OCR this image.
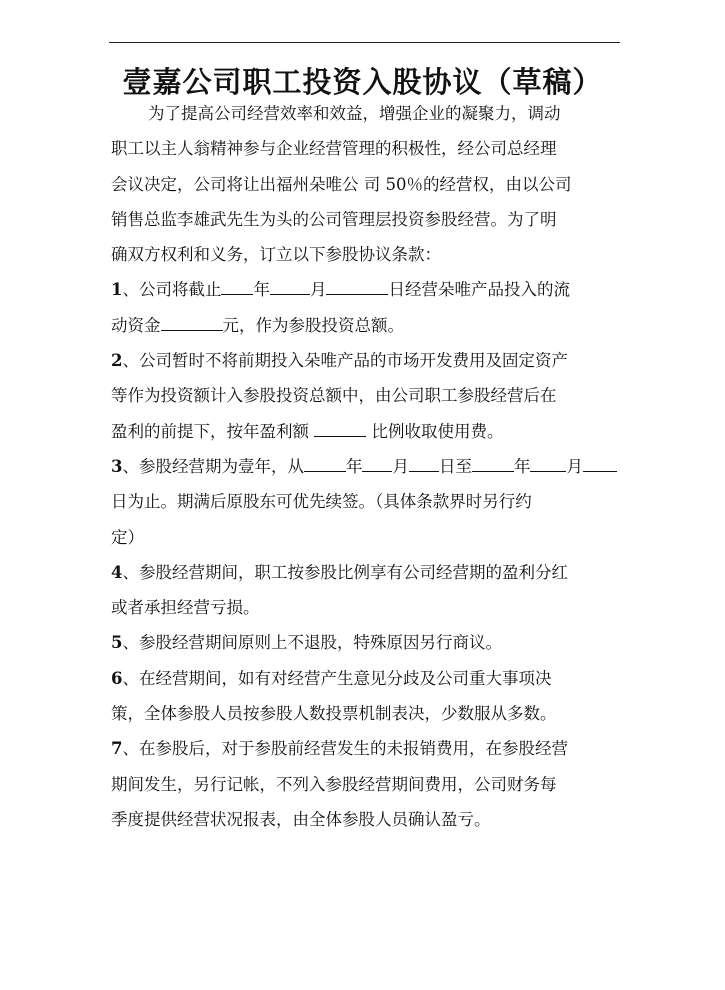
壹嘉公司职工投资入股协议（草稿）
为了提高公司经营效率和效益，增强企业的凝聚力，调动
职工以主人翁精神参与企业经营管理的积极性，经公司总经理
会议决定，公司将让出福州朵唯公 司 50％的经营权，由以公司
销售总监李雄武先生为头的公司管理层投资参股经营。为了明
确双方权利和义务，订立以下参股协议条款：
1、公司将截止 年 月	日经营朵唯产品投入的流
动资金	元，作为参股投资总额。
2、公司暂时不将前期投入朵唯产品的市场开发费用及固定资产
等作为投资额计入参股投资总额中，由公司职工参股经营后在
盈利的前提下，按年盈利额	比例收取使用费。
3、参股经营期为壹年，从	年 月 日至	年 月
日为止。期满后原股东可优先续签。（具体条款界时另行约
定）
4、参股经营期间，职工按参股比例享有公司经营期的盈利分红
或者承担经营亏损。
5、参股经营期间原则上不退股，特殊原因另行商议。
6、在经营期间，如有对经营产生意见分歧及公司重大事项决
策，全体参股人员按参股人数投票机制表决，少数服从多数。
7、在参股后，对于参股前经营发生的未报销费用，在参股经营
期间发生，另行记帐，不列入参股经营期间费用，公司财务每
季度提供经营状况报表，由全体参股人员确认盈亏。
